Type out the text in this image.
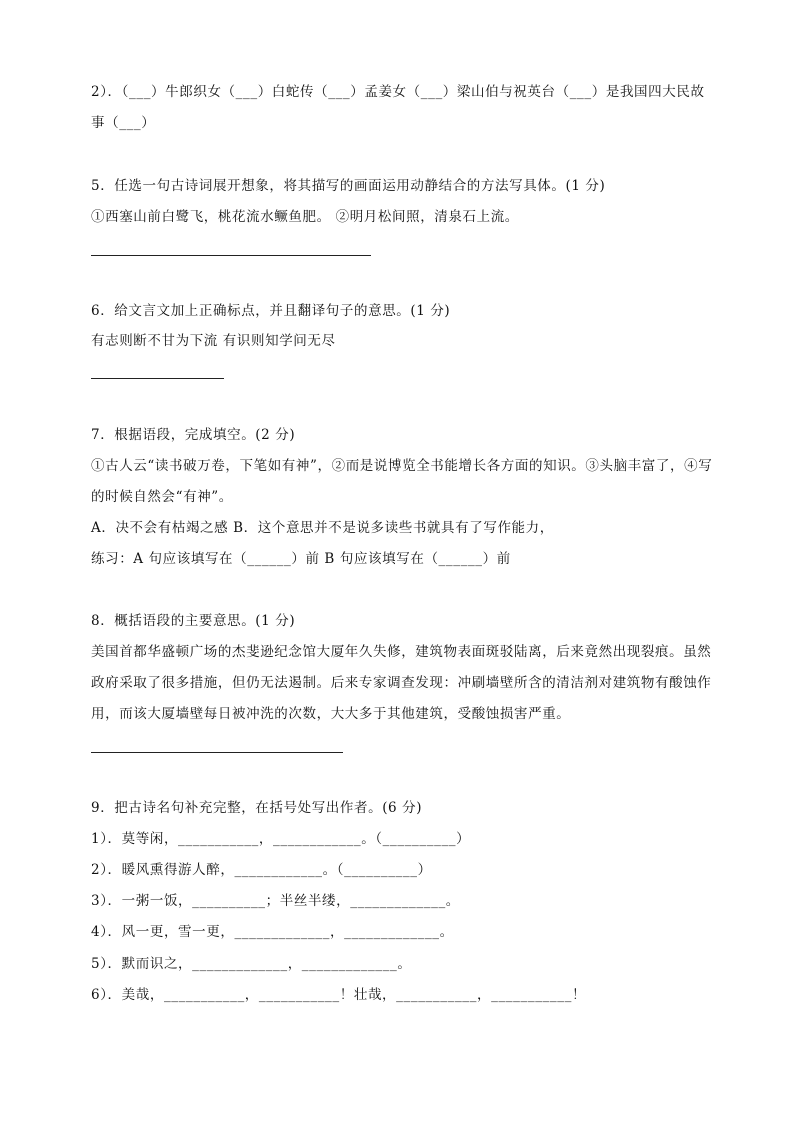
2）．（___）牛郎织女（___）白蛇传（___）孟姜女（___）梁山伯与祝英台（___）是我国四大民故
事（___）
5．任选一句古诗词展开想象，将其描写的画面运用动静结合的方法写具体。(1 分)
①西塞山前白鹭飞，桃花流水鳜鱼肥。 ②明月松间照，清泉石上流。
6．给文言文加上正确标点，并且翻译句子的意思。(1 分)
有志则断不甘为下流 有识则知学问无尽
7．根据语段，完成填空。(2 分)
①古人云“读书破万卷，下笔如有神”，②而是说博览全书能增长各方面的知识。③头脑丰富了，④写
的时候自然会“有神”。
A．决不会有枯竭之感 B．这个意思并不是说多读些书就具有了写作能力，
练习：A 句应该填写在（______）前 B 句应该填写在（______）前
8．概括语段的主要意思。(1 分)
美国首都华盛顿广场的杰斐逊纪念馆大厦年久失修，建筑物表面斑驳陆离，后来竟然出现裂痕。虽然
政府采取了很多措施，但仍无法遏制。后来专家调查发现：冲刷墙壁所含的清洁剂对建筑物有酸蚀作
用，而该大厦墙壁每日被冲洗的次数，大大多于其他建筑，受酸蚀损害严重。
9．把古诗名句补充完整，在括号处写出作者。(6 分)
1）．莫等闲，___________，____________。（__________）
2）．暖风熏得游人醉，____________。（__________）
3）．一粥一饭，__________；半丝半缕，_____________。
4）．风一更，雪一更，_____________，_____________。
5）．默而识之，_____________，_____________。
6）．美哉，___________，___________！壮哉，___________，___________！
